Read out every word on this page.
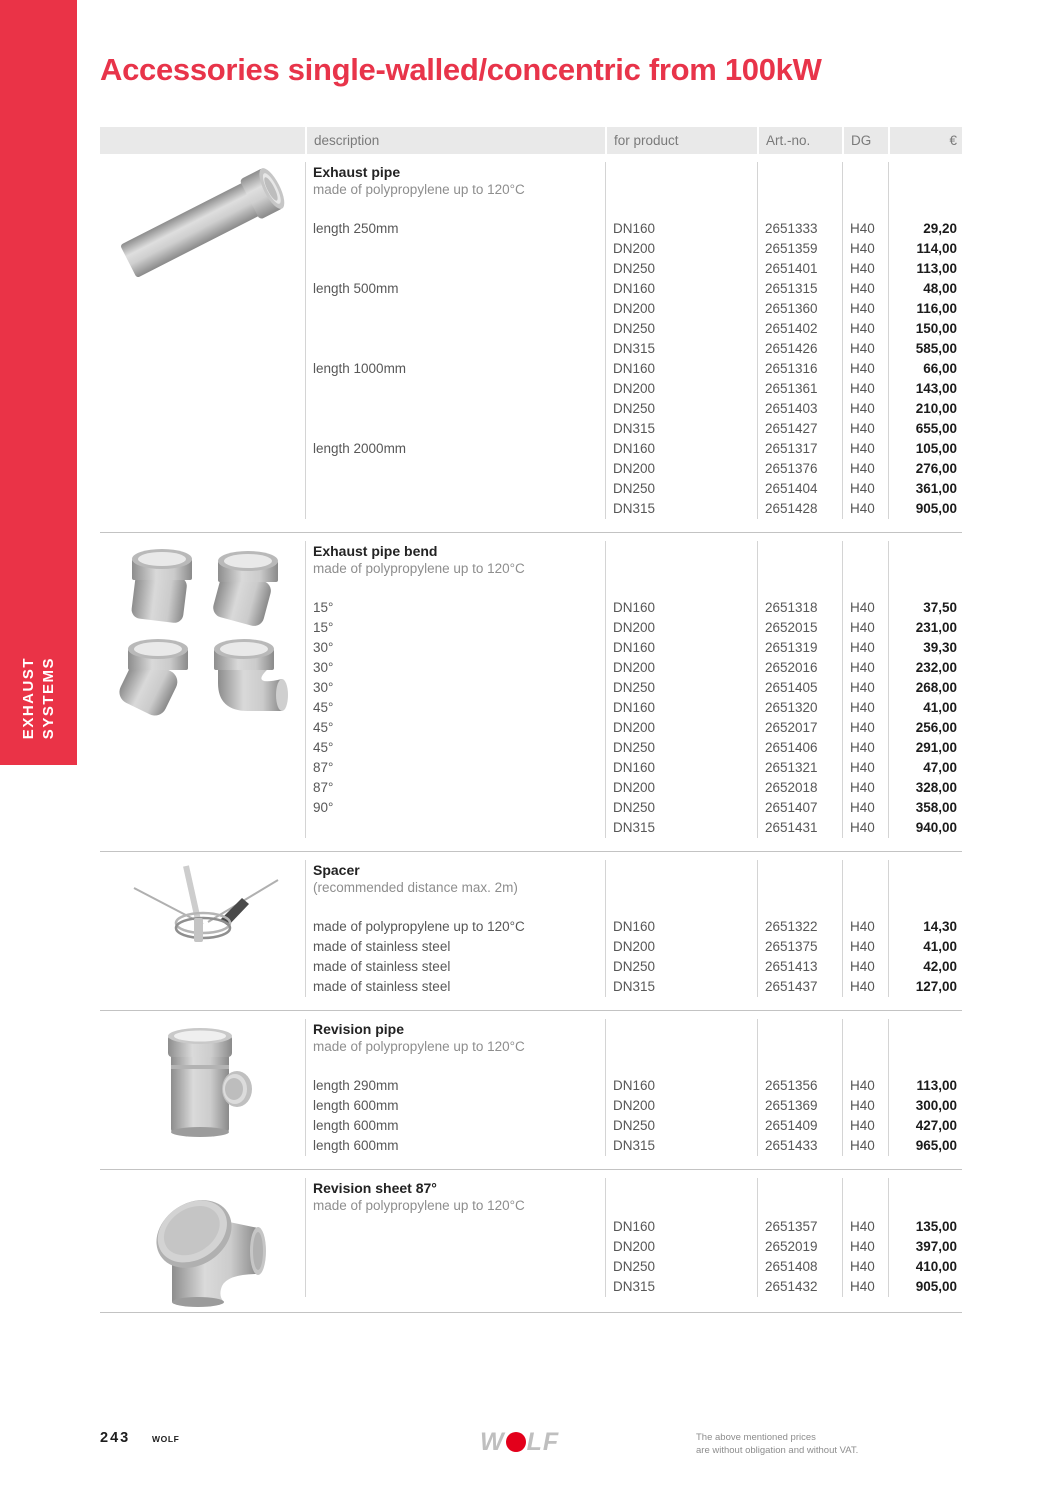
EXHAUST SYSTEMS
Accessories single-walled/concentric from 100kW
description	for product	Art.-no.	DG	€
Exhaust pipe
made of polypropylene up to 120°C
length 250mm	DN160	2651333	H40	29,20
DN200	2651359	H40	114,00
DN250	2651401	H40	113,00
length 500mm	DN160	2651315	H40	48,00
DN200	2651360	H40	116,00
DN250	2651402	H40	150,00
DN315	2651426	H40	585,00
length 1000mm	DN160	2651316	H40	66,00
DN200	2651361	H40	143,00
DN250	2651403	H40	210,00
DN315	2651427	H40	655,00
length 2000mm	DN160	2651317	H40	105,00
DN200	2651376	H40	276,00
DN250	2651404	H40	361,00
DN315	2651428	H40	905,00
Exhaust pipe bend
made of polypropylene up to 120°C
15°	DN160	2651318	H40	37,50
15°	DN200	2652015	H40	231,00
30°	DN160	2651319	H40	39,30
30°	DN200	2652016	H40	232,00
30°	DN250	2651405	H40	268,00
45°	DN160	2651320	H40	41,00
45°	DN200	2652017	H40	256,00
45°	DN250	2651406	H40	291,00
87°	DN160	2651321	H40	47,00
87°	DN200	2652018	H40	328,00
90°	DN250	2651407	H40	358,00
DN315	2651431	H40	940,00
Spacer
(recommended distance max. 2m)
made of polypropylene up to 120°C	DN160	2651322	H40	14,30
made of stainless steel	DN200	2651375	H40	41,00
made of stainless steel	DN250	2651413	H40	42,00
made of stainless steel	DN315	2651437	H40	127,00
Revision pipe
made of polypropylene up to 120°C
length 290mm	DN160	2651356	H40	113,00
length 600mm	DN200	2651369	H40	300,00
length 600mm	DN250	2651409	H40	427,00
length 600mm	DN315	2651433	H40	965,00
Revision sheet 87°
made of polypropylene up to 120°C
DN160	2651357	H40	135,00
DN200	2652019	H40	397,00
DN250	2651408	H40	410,00
DN315	2651432	H40	905,00
243	WOLF	W LF	The above mentioned prices
are without obligation and without VAT.
